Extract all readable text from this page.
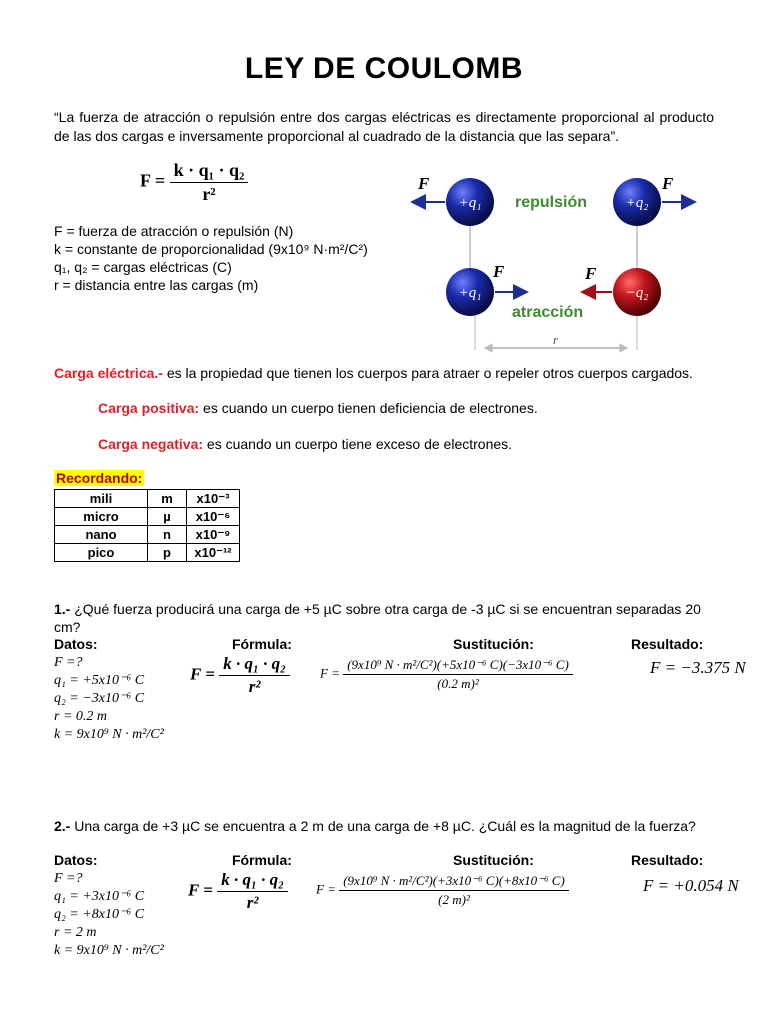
LEY DE COULOMB
“La fuerza de atracción o repulsión entre dos cargas eléctricas es directamente proporcional al producto de las dos cargas e inversamente proporcional al cuadrado de la distancia que las separa”.
$F = \frac{\text{k · q₁ · q₂}}{\text{r²}}$
F = fuerza de atracción o repulsión (N)
k = constante de proporcionalidad (9x10⁹ N·m²/C²)
q₁, q₂ = cargas eléctricas (C)
r = distancia entre las cargas (m)
r
F	F
F	F
repulsión
atracción
+q₁	+q₂
+q₁	−q₂
Carga eléctrica.- es la propiedad que tienen los cuerpos para atraer o repeler otros cuerpos cargados.
Carga positiva: es cuando un cuerpo tienen deficiencia de electrones.
Carga negativa: es cuando un cuerpo tiene exceso de electrones.
Recordando:
mili	m	x10⁻³
micro	µ	x10⁻⁶
nano	n	x10⁻⁹
pico	p	x10⁻¹²
1.- ¿Qué fuerza producirá una carga de +5 µC sobre otra carga de -3 µC si se encuentran separadas 20 cm?
Datos:	Fórmula:	Sustitución:	Resultado:
F =?
q₁ = +5x10⁻⁶ C
q₂ = −3x10⁻⁶ C
r = 0.2 m
k = 9x10⁹ N · m²/C²
$F = \frac{\text{k · q₁ · q₂}}{\text{r²}}$ $F = \frac{\text{(9x10⁹ N · m²/C²)(+5x10⁻⁶ C)(−3x10⁻⁶ C)}}{\text{(0.2 m)²}}$	F = −3.375 N
2.- Una carga de +3 µC se encuentra a 2 m de una carga de +8 µC. ¿Cuál es la magnitud de la fuerza?
Datos:	Fórmula:	Sustitución:	Resultado:
F =?
q₁ = +3x10⁻⁶ C
q₂ = +8x10⁻⁶ C
r = 2 m
k = 9x10⁹ N · m²/C²
$F = \frac{\text{k · q₁ · q₂}}{\text{r²}}$ $F = \frac{\text{(9x10⁹ N · m²/C²)(+3x10⁻⁶ C)(+8x10⁻⁶ C)}}{\text{(2 m)²}}$	F = +0.054 N
